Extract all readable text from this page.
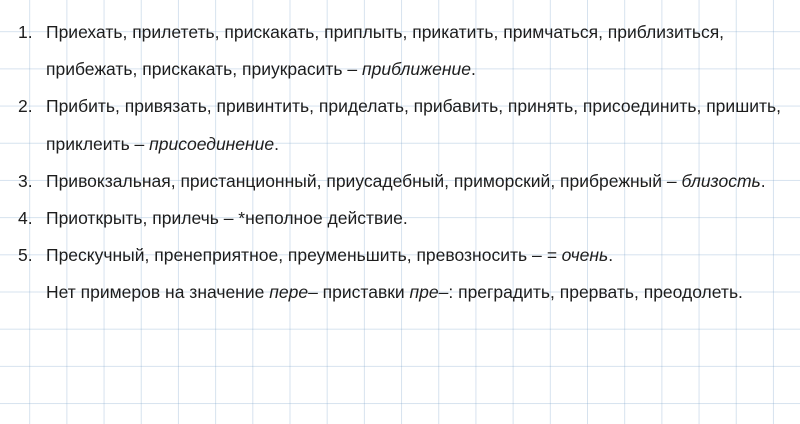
1. Приехать, прилететь, прискакать, приплыть, прикатить, примчаться, приблизиться, прибежать, прискакать, приукрасить – приближение.
2. Прибить, привязать, привинтить, приделать, прибавить, принять, присоединить, пришить, приклеить – присоединение.
3. Привокзальная, пристанционный, приусадебный, приморский, прибрежный – близость.
4. Приоткрыть, прилечь – *неполное действие.
5. Прескучный, пренеприятное, преуменьшить, превозносить – = очень.
Нет примеров на значение пере– приставки пре–: преградить, прервать, преодолеть.
